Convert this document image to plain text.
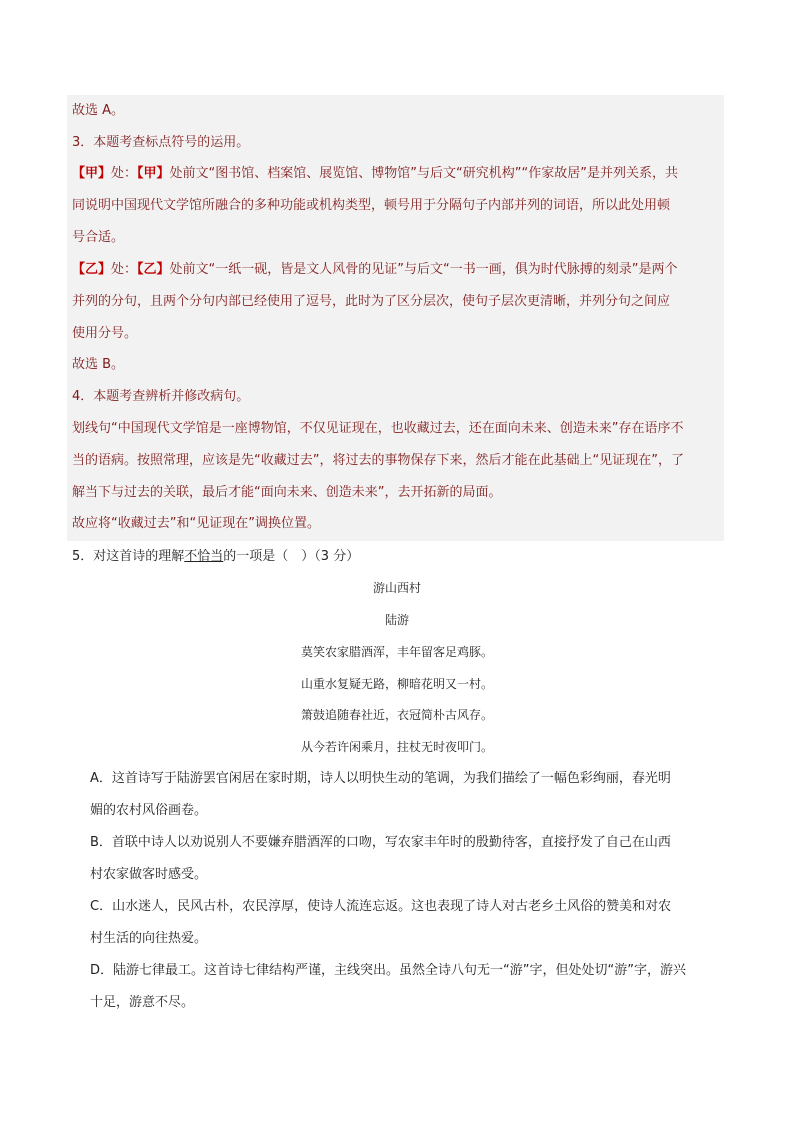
故选 A。
3．本题考查标点符号的运用。
【甲】处：【甲】处前文“图书馆、档案馆、展览馆、博物馆”与后文“研究机构”“作家故居”是并列关系，共
同说明中国现代文学馆所融合的多种功能或机构类型，顿号用于分隔句子内部并列的词语，所以此处用顿
号合适。
【乙】处：【乙】处前文“一纸一砚，皆是文人风骨的见证”与后文“一书一画，俱为时代脉搏的刻录”是两个
并列的分句，且两个分句内部已经使用了逗号，此时为了区分层次，使句子层次更清晰，并列分句之间应
使用分号。
故选 B。
4．本题考查辨析并修改病句。
划线句“中国现代文学馆是一座博物馆，不仅见证现在，也收藏过去，还在面向未来、创造未来”存在语序不
当的语病。按照常理，应该是先“收藏过去”，将过去的事物保存下来，然后才能在此基础上“见证现在”，了
解当下与过去的关联，最后才能“面向未来、创造未来”，去开拓新的局面。
故应将“收藏过去”和“见证现在”调换位置。
5．对这首诗的理解不恰当的一项是（　）（3 分）
游山西村
陆游
莫笑农家腊酒浑，丰年留客足鸡豚。
山重水复疑无路，柳暗花明又一村。
箫鼓追随春社近，衣冠简朴古风存。
从今若许闲乘月，拄杖无时夜叩门。
A．这首诗写于陆游罢官闲居在家时期，诗人以明快生动的笔调，为我们描绘了一幅色彩绚丽，春光明
媚的农村风俗画卷。
B．首联中诗人以劝说别人不要嫌弃腊酒浑的口吻，写农家丰年时的殷勤待客，直接抒发了自己在山西
村农家做客时感受。
C．山水迷人，民风古朴，农民淳厚，使诗人流连忘返。这也表现了诗人对古老乡土风俗的赞美和对农
村生活的向往热爱。
D．陆游七律最工。这首诗七律结构严谨，主线突出。虽然全诗八句无一“游”字，但处处切“游”字，游兴
十足，游意不尽。
